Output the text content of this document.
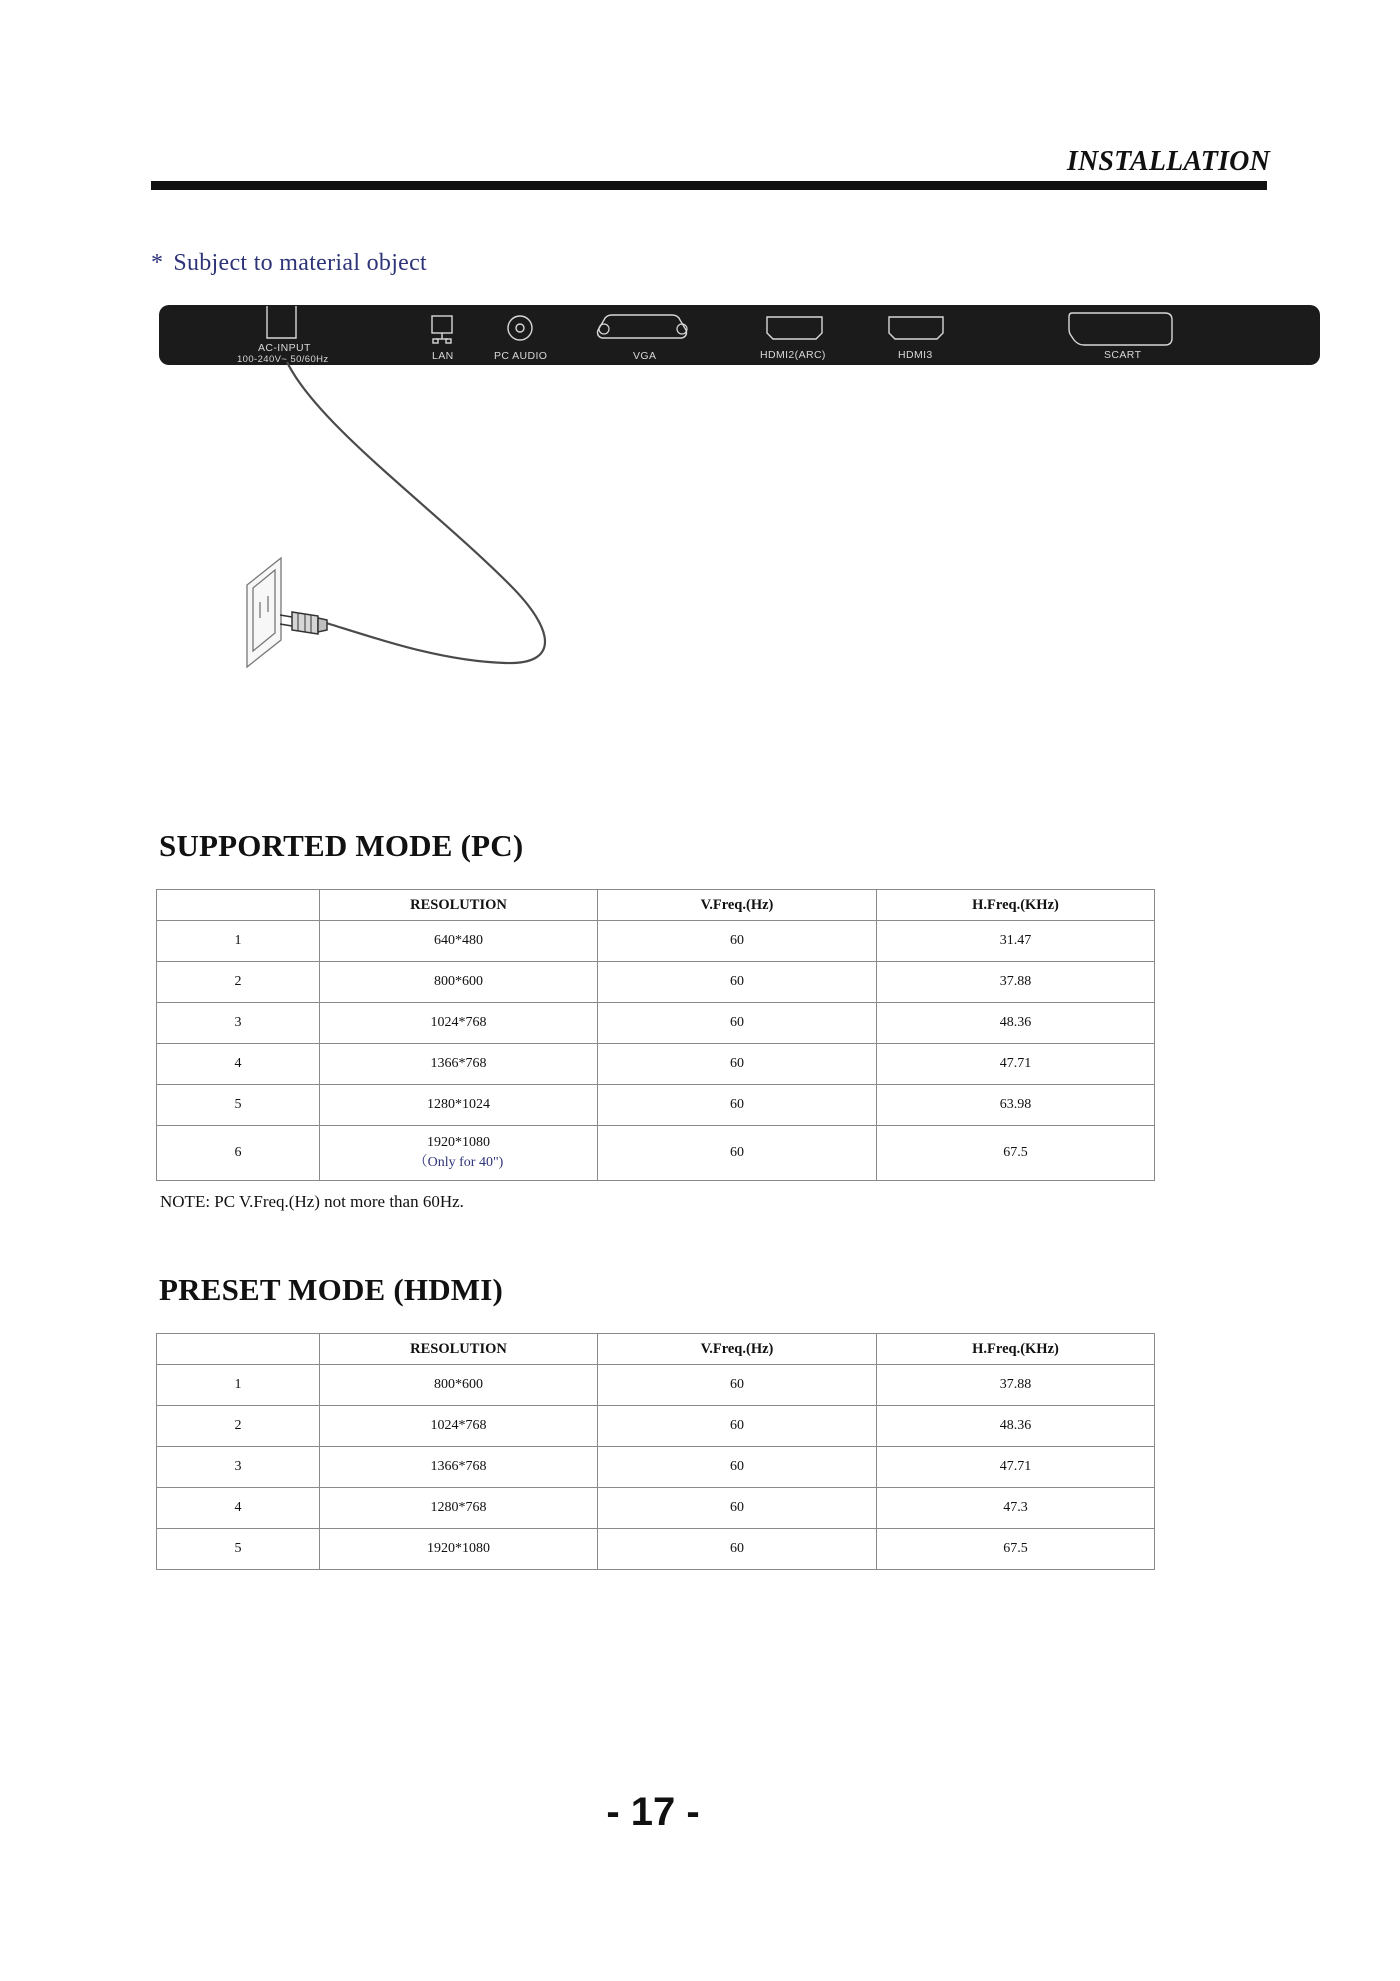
INSTALLATION
* Subject to material object
AC-INPUT
100-240V~ 50/60Hz	LAN	PC AUDIO	VGA	HDMI2(ARC)	HDMI3	SCART
SUPPORTED MODE (PC)
	RESOLUTION	V.Freq.(Hz)	H.Freq.(KHz)
1	640*480	60	31.47
2	800*600	60	37.88
3	1024*768	60	48.36
4	1366*768	60	47.71
5	1280*1024	60	63.98
6	1920*1080
（Only for 40")	60	67.5
NOTE: PC V.Freq.(Hz) not more than 60Hz.
PRESET MODE (HDMI)
	RESOLUTION	V.Freq.(Hz)	H.Freq.(KHz)
1	800*600	60	37.88
2	1024*768	60	48.36
3	1366*768	60	47.71
4	1280*768	60	47.3
5	1920*1080	60	67.5
- 17 -
